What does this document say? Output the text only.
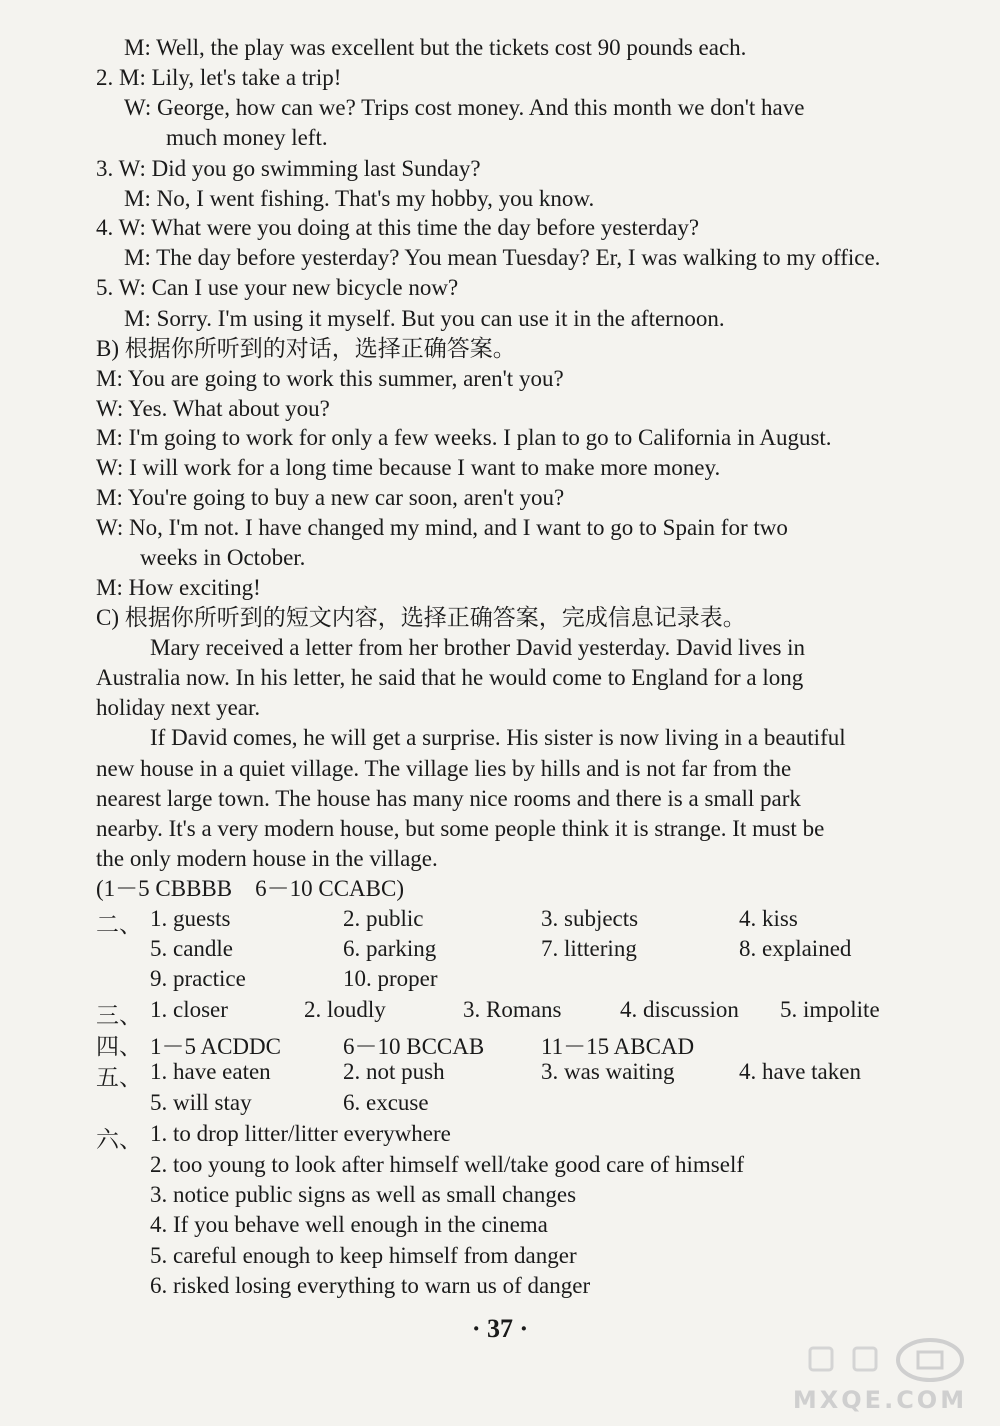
M: Well, the play was excellent but the tickets cost 90 pounds each.
2. M: Lily, let's take a trip!
W: George, how can we? Trips cost money. And this month we don't have
much money left.
3. W: Did you go swimming last Sunday?
M: No, I went fishing. That's my hobby, you know.
4. W: What were you doing at this time the day before yesterday?
M: The day before yesterday? You mean Tuesday? Er, I was walking to my office.
5. W: Can I use your new bicycle now?
M: Sorry. I'm using it myself. But you can use it in the afternoon.
B) 根据你所听到的对话，选择正确答案。
M: You are going to work this summer, aren't you?
W: Yes. What about you?
M: I'm going to work for only a few weeks. I plan to go to California in August.
W: I will work for a long time because I want to make more money.
M: You're going to buy a new car soon, aren't you?
W: No, I'm not. I have changed my mind, and I want to go to Spain for two
weeks in October.
M: How exciting!
C) 根据你所听到的短文内容，选择正确答案，完成信息记录表。
Mary received a letter from her brother David yesterday. David lives in
Australia now. In his letter, he said that he would come to England for a long
holiday next year.
If David comes, he will get a surprise. His sister is now living in a beautiful
new house in a quiet village. The village lies by hills and is not far from the
nearest large town. The house has many nice rooms and there is a small park
nearby. It's a very modern house, but some people think it is strange. It must be
the only modern house in the village.
(1－5 CBBBB　6－10 CCABC)
二、 1. guests	2. public	3. subjects	4. kiss
5. candle	6. parking	7. littering	8. explained
9. practice	10. proper
三、 1. closer	2. loudly	3. Romans	4. discussion 5. impolite
四、 1－5 ACDDC	6－10 BCCAB 11－15 ABCAD
五、 1. have eaten	2. not push	3. was waiting	4. have taken
5. will stay	6. excuse
六、 1. to drop litter/litter everywhere
2. too young to look after himself well/take good care of himself
3. notice public signs as well as small changes
4. If you behave well enough in the cinema
5. careful enough to keep himself from danger
6. risked losing everything to warn us of danger
· 37 ·
MXQE.COM
